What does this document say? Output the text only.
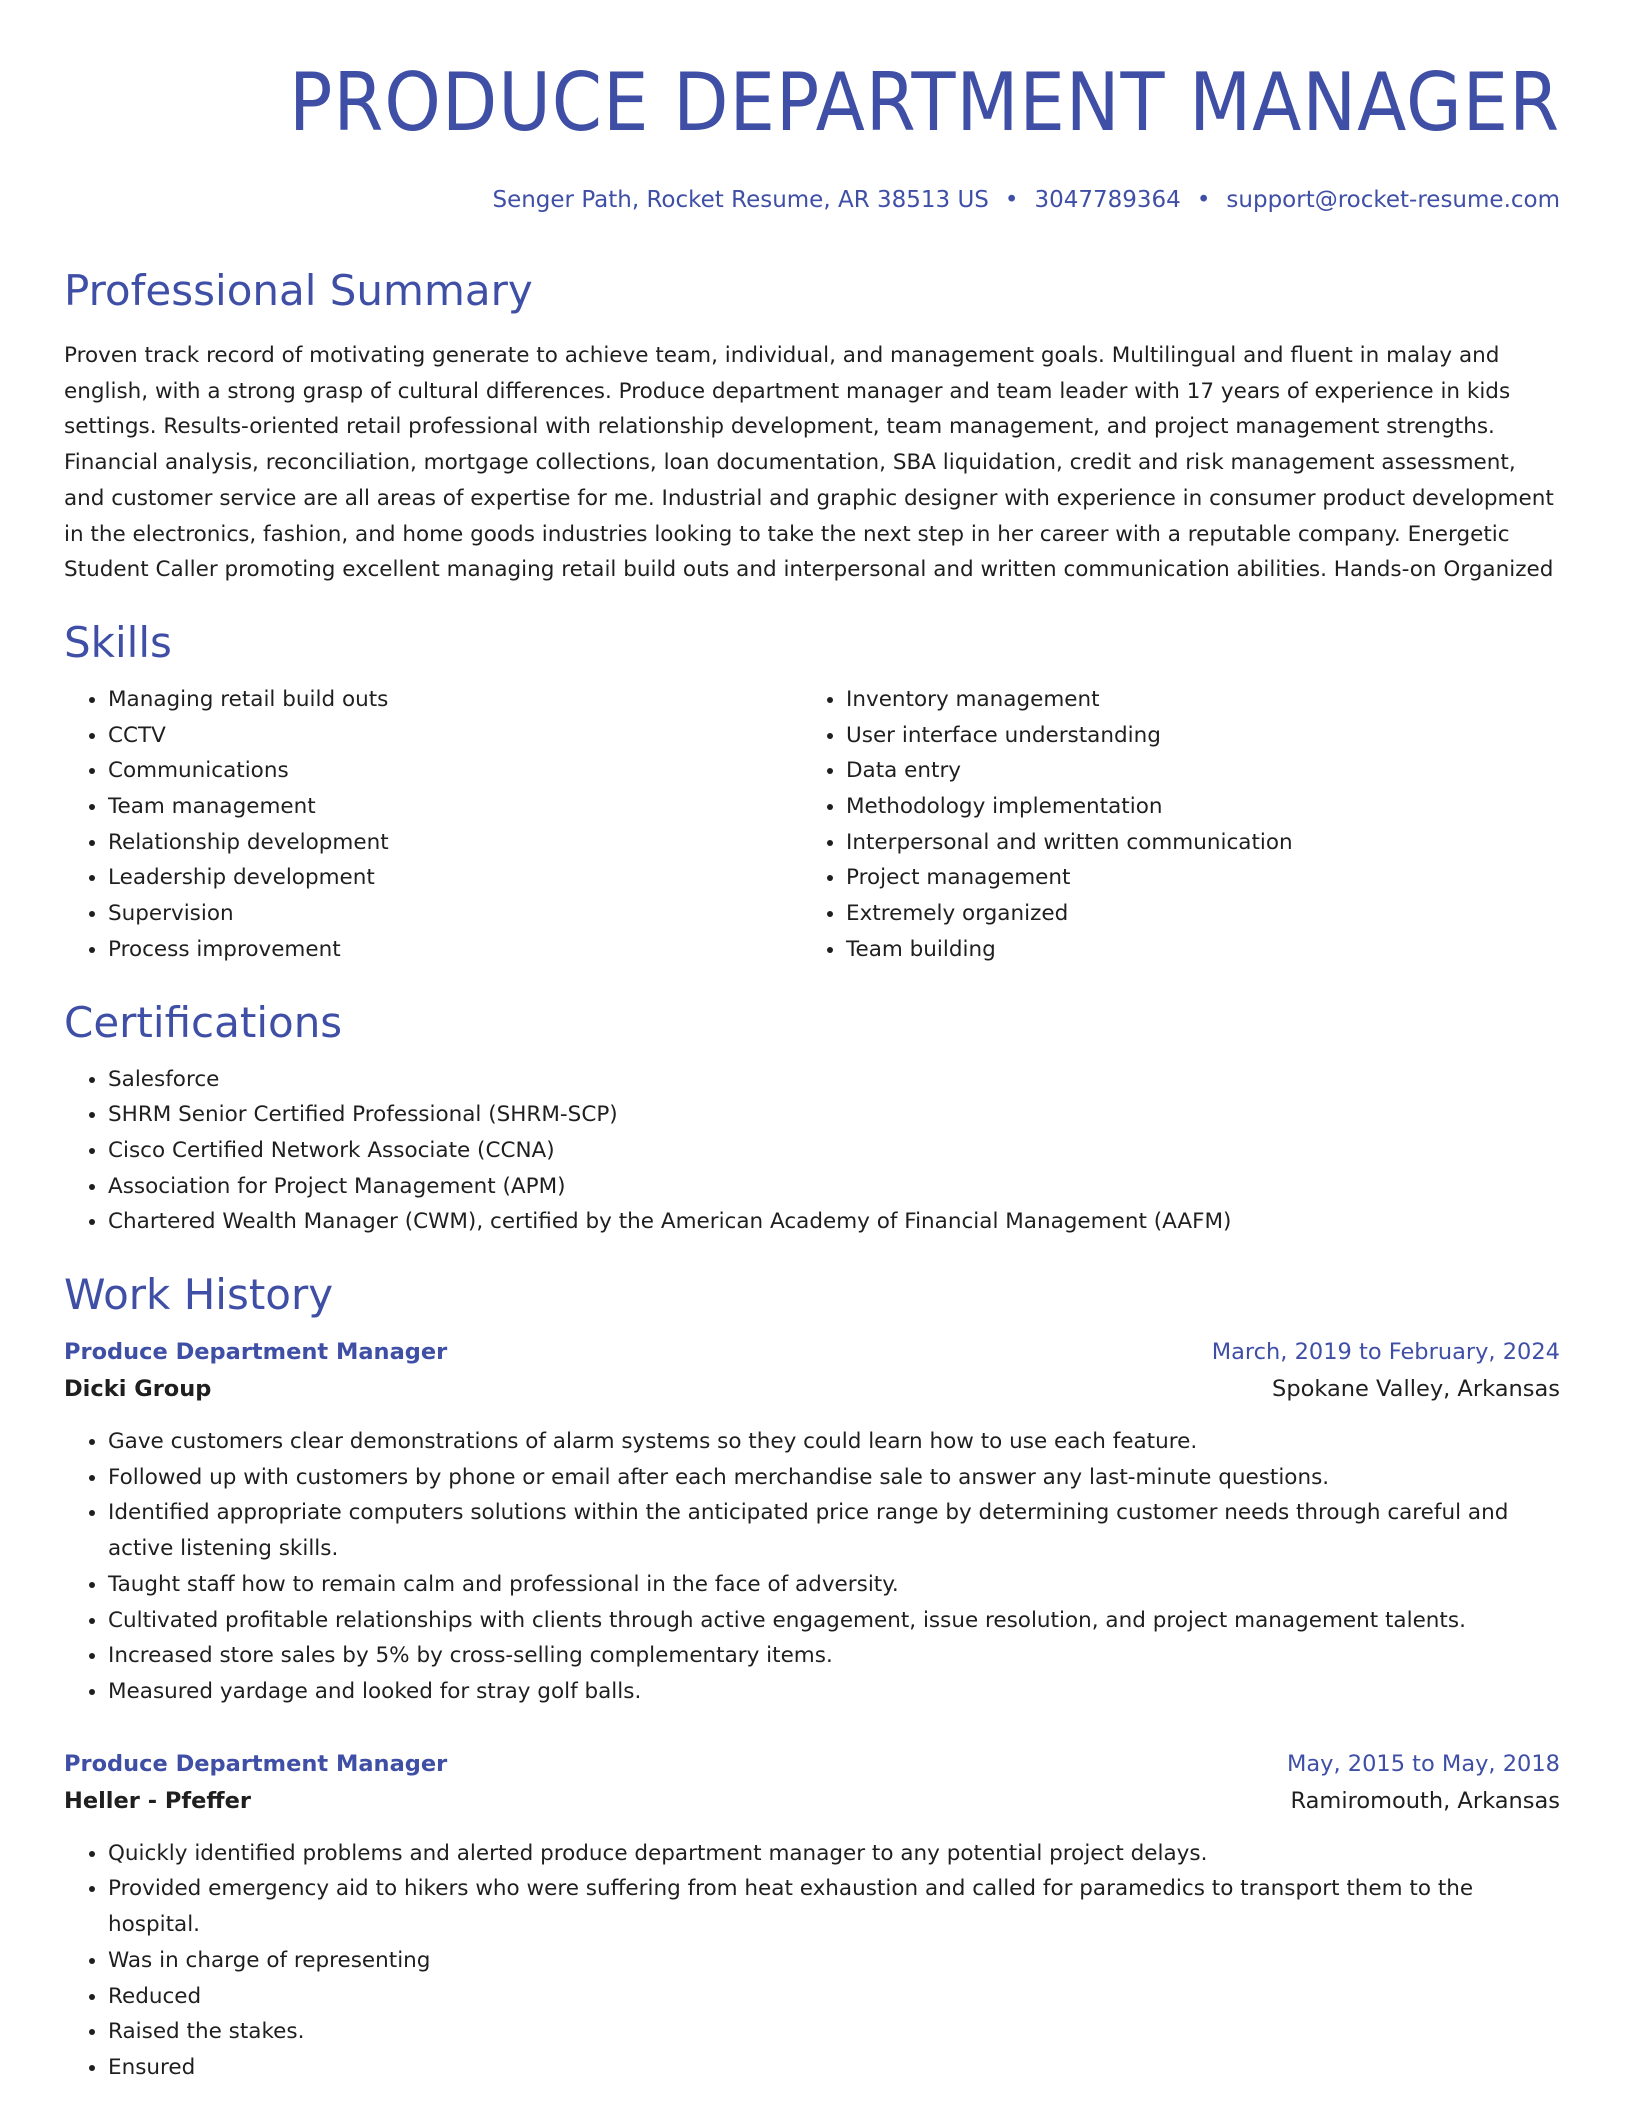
PRODUCE DEPARTMENT MANAGER
Senger Path, Rocket Resume, AR 38513 US • 3047789364 • support@rocket-resume.com
Professional Summary
Proven track record of motivating generate to achieve team, individual, and management goals. Multilingual and fluent in malay and english, with a strong grasp of cultural differences. Produce department manager and team leader with 17 years of experience in kids settings. Results-oriented retail professional with relationship development, team management, and project management strengths. Financial analysis, reconciliation, mortgage collections, loan documentation, SBA liquidation, credit and risk management assessment, and customer service are all areas of expertise for me. Industrial and graphic designer with experience in consumer product development in the electronics, fashion, and home goods industries looking to take the next step in her career with a reputable company. Energetic Student Caller promoting excellent managing retail build outs and interpersonal and written communication abilities. Hands-on Organized
Skills
• Managing retail build outs
• CCTV
• Communications
• Team management
• Relationship development
• Leadership development
• Supervision
• Process improvement
• Inventory management
• User interface understanding
• Data entry
• Methodology implementation
• Interpersonal and written communication
• Project management
• Extremely organized
• Team building
Certifications
• Salesforce
• SHRM Senior Certified Professional (SHRM-SCP)
• Cisco Certified Network Associate (CCNA)
• Association for Project Management (APM)
• Chartered Wealth Manager (CWM), certified by the American Academy of Financial Management (AAFM)
Work History
Produce Department Manager	March, 2019 to February, 2024
Dicki Group	Spokane Valley, Arkansas
• Gave customers clear demonstrations of alarm systems so they could learn how to use each feature.
• Followed up with customers by phone or email after each merchandise sale to answer any last-minute questions.
• Identified appropriate computers solutions within the anticipated price range by determining customer needs through careful and active listening skills.
• Taught staff how to remain calm and professional in the face of adversity.
• Cultivated profitable relationships with clients through active engagement, issue resolution, and project management talents.
• Increased store sales by 5% by cross-selling complementary items.
• Measured yardage and looked for stray golf balls.
Produce Department Manager	May, 2015 to May, 2018
Heller - Pfeffer	Ramiromouth, Arkansas
• Quickly identified problems and alerted produce department manager to any potential project delays.
• Provided emergency aid to hikers who were suffering from heat exhaustion and called for paramedics to transport them to the hospital.
• Was in charge of representing
• Reduced
• Raised the stakes.
• Ensured
